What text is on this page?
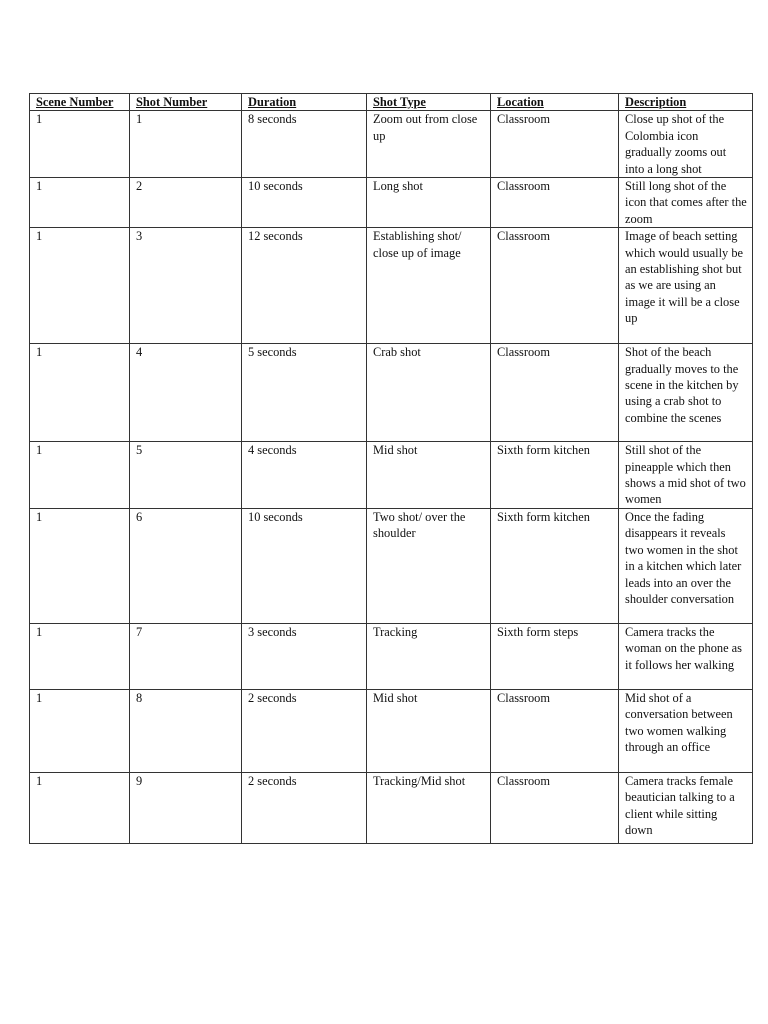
Scene Number	Shot Number	Duration	Shot Type	Location	Description
1	1	8 seconds	Zoom out from close up	Classroom	Close up shot of the Colombia icon gradually zooms out into a long shot
1	2	10 seconds	Long shot	Classroom	Still long shot of the icon that comes after the zoom
1	3	12 seconds	Establishing shot/ close up of image	Classroom	Image of beach setting which would usually be an establishing shot but as we are using an image it will be a close up
1	4	5 seconds	Crab shot	Classroom	Shot of the beach gradually moves to the scene in the kitchen by using a crab shot to combine the scenes
1	5	4 seconds	Mid shot	Sixth form kitchen	Still shot of the pineapple which then shows a mid shot of two women
1	6	10 seconds	Two shot/ over the shoulder	Sixth form kitchen	Once the fading disappears it reveals two women in the shot in a kitchen which later leads into an over the shoulder conversation
1	7	3 seconds	Tracking	Sixth form steps	Camera tracks the woman on the phone as it follows her walking
1	8	2 seconds	Mid shot	Classroom	Mid shot of a conversation between two women walking through an office
1	9	2 seconds	Tracking/Mid shot	Classroom	Camera tracks female beautician talking to a client while sitting down
